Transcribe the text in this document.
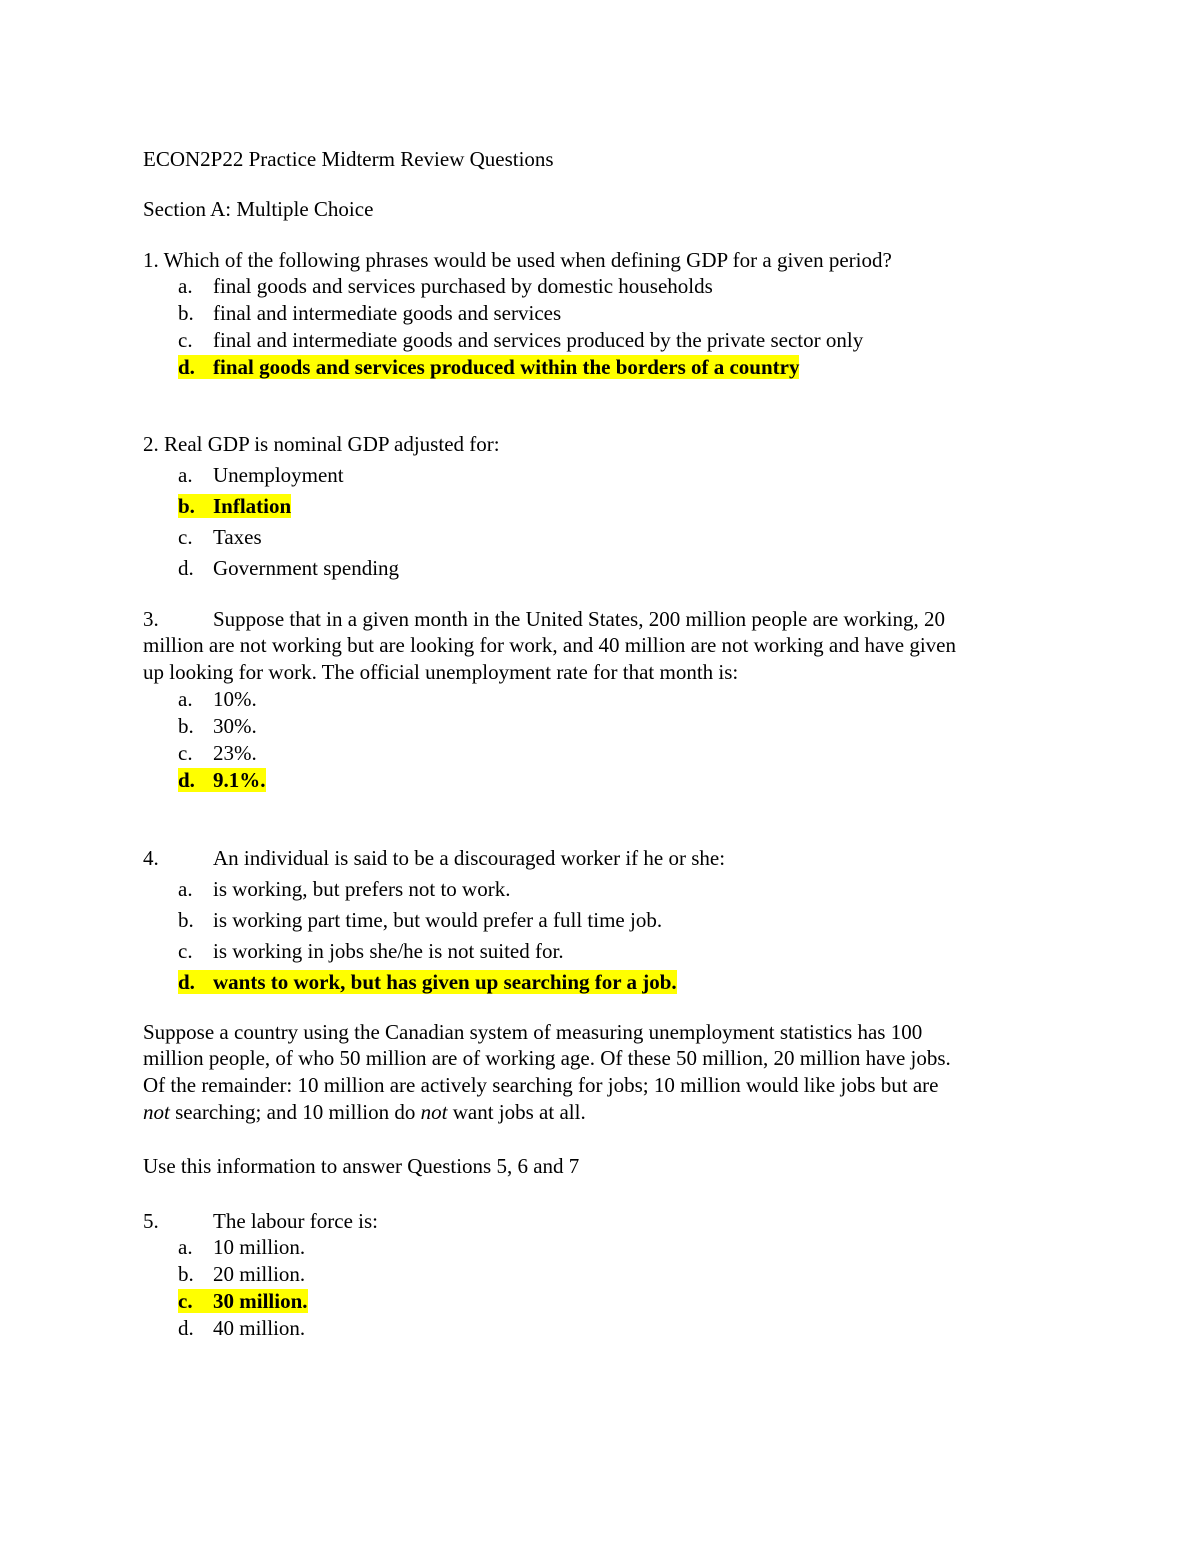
ECON2P22 Practice Midterm Review Questions
Section A: Multiple Choice
1. Which of the following phrases would be used when defining GDP for a given period?
a. final goods and services purchased by domestic households
b. final and intermediate goods and services
c. final and intermediate goods and services produced by the private sector only
d. final goods and services produced within the borders of a country
2. Real GDP is nominal GDP adjusted for:
a. Unemployment
b. Inflation
c. Taxes
d. Government spending
3.	Suppose that in a given month in the United States, 200 million people are working, 20
million are not working but are looking for work, and 40 million are not working and have given
up looking for work. The official unemployment rate for that month is:
a. 10%.
b. 30%.
c. 23%.
d. 9.1%.
4.	An individual is said to be a discouraged worker if he or she:
a. is working, but prefers not to work.
b. is working part time, but would prefer a full time job.
c. is working in jobs she/he is not suited for.
d. wants to work, but has given up searching for a job.
Suppose a country using the Canadian system of measuring unemployment statistics has 100
million people, of who 50 million are of working age. Of these 50 million, 20 million have jobs.
Of the remainder: 10 million are actively searching for jobs; 10 million would like jobs but are
not searching; and 10 million do not want jobs at all.
Use this information to answer Questions 5, 6 and 7
5.	The labour force is:
a. 10 million.
b. 20 million.
c. 30 million.
d. 40 million.
